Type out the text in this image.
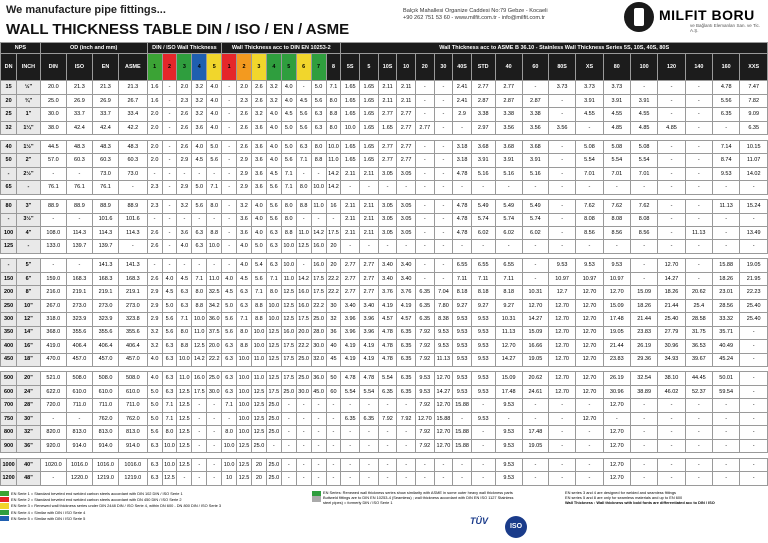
We manufacture pipe fittings...
WALL THICKNESS TABLE DIN / ISO / EN / ASME
Balçık Mahallesi Organize Caddesi No:79 Gebze - Kocaeli
+90 262 751 53 60 - www.milfit.com.tr - info@milfit.com.tr	MILFIT BORU
ve Bağlantı Elemanları San. ve Tic. A.Ş.
NPS		OD (inch and mm)				DIN / ISO Wall Thickness					Wall Thickness acc to DIN EN 10253-2								Wall Thickness acc to ASME B 36.10 - Stainless Wall Thickness Series 5S, 10S, 40S, 80S																	
DN	INCH	DIN	ISO	EN	ASME	1	2	3	4	5	1	2	3	4	5	6	7	8	5S	5	10S	10	20	30	40S	STD	40	60	80S	XS	80	100	120	140	160	XXS
15	½"	20.0	21.3	21.3	21.3	1.6	-	2.0	3.2	4.0	-	2.0	2.6	3.2	4.0	-	5.0	7.1	1.65	1.65	2.11	2.11	-	-	2.41	2.77	2.77	-	3.73	3.73	3.73	-	-	-	4.78	7.47
20	¾"	25.0	26.9	26.9	26.7	1.6	-	2.3	3.2	4.0	-	2.3	2.6	3.2	4.0	4.5	5.6	8.0	1.65	1.65	2.11	2.11	-	-	2.41	2.87	2.87	2.87	-	3.91	3.91	3.91	-	-	5.56	7.82
25	1"	30.0	33.7	33.7	33.4	2.0	-	2.6	3.2	4.0	-	2.6	3.2	4.0	4.5	5.6	6.3	8.8	1.65	1.65	2.77	2.77	-	-	2.9	3.38	3.38	3.38	-	4.55	4.55	4.55	-	-	6.35	9.09
32	1¼"	38.0	42.4	42.4	42.2	2.0	-	2.6	3.6	4.0	-	2.6	3.6	4.0	5.0	5.6	6.3	8.0	10.0	1.65	1.65	2.77	2.77	-	-	2.97	3.56	3.56	3.56	-	4.85	4.85	4.85	-	-	6.35

40	1½"	44.5	48.3	48.3	48.3	2.0	-	2.6	4.0	5.0	-	2.6	3.6	4.0	5.0	6.3	8.0	10.0	1.65	1.65	2.77	2.77	-	-	3.18	3.68	3.68	3.68	-	5.08	5.08	5.08	-	-	7.14	10.15
50	2"	57.0	60.3	60.3	60.3	2.0	-	2.9	4.5	5.6	-	2.9	3.6	4.0	5.6	7.1	8.8	11.0	1.65	1.65	2.77	2.77	-	-	3.18	3.91	3.91	3.91	-	5.54	5.54	5.54	-	-	8.74	11.07
-	2½"	-	-	73.0	73.0	-	-	-	-	-	-	2.9	3.6	4.5	7.1	-	-	14.2	2.11	2.11	3.05	3.05	-	-	4.78	5.16	5.16	5.16	-	7.01	7.01	7.01	-	-	9.53	14.02
65	-	76.1	76.1	76.1	-	2.3	-	2.9	5.0	7.1	-	2.9	3.6	5.6	7.1	8.0	10.0	14.2	-	-	-	-	-	-	-	-	-	-	-	-	-	-	-	-	-	-

80	3"	88.9	88.9	88.9	88.9	2.3	-	3.2	5.6	8.0	-	3.2	4.0	5.6	8.0	8.8	11.0	16	2.11	2.11	3.05	3.05	-	-	4.78	5.49	5.49	5.49	-	7.62	7.62	7.62	-	-	11.13	15.24
-	3½"	-	-	101.6	101.6	-	-	-	-	-	-	3.6	4.0	5.6	8.0	-	-	-	2.11	2.11	3.05	3.05	-	-	4.78	5.74	5.74	5.74	-	8.08	8.08	8.08	-	-	-	-
100	4"	108.0	114.3	114.3	114.3	2.6	-	3.6	6.3	8.8	-	3.6	4.0	6.3	8.8	11.0	14.2	17.5	2.11	2.11	3.05	3.05	-	-	4.78	6.02	6.02	6.02	-	8.56	8.56	8.56	-	11.13	-	13.49
125	-	133.0	139.7	139.7	-	2.6	-	4.0	6.3	10.0	-	4.0	5.0	6.3	10.0	12.5	16.0	20	-	-	-	-	-	-	-	-	-	-	-	-	-	-	-	-	-	-

-	5"	-	-	141.3	141.3	-	-	-	-	-	-	4.0	5.4	6.3	10.0	-	16.0	20	2.77	2.77	3.40	3.40	-	-	6.55	6.55	6.55	-	9.53	9.53	9.53	-	12.70	-	15.88	19.05
150	6"	159.0	168.3	168.3	168.3	2.6	4.0	4.5	7.1	11.0	4.0	4.5	5.6	7.1	11.0	14.2	17.5	22.2	2.77	2.77	3.40	3.40	-	-	7.11	7.11	7.11	-	10.97	10.97	10.97	-	14.27	-	18.26	21.95
200	8"	216.0	219.1	219.1	219.1	2.9	4.5	6.3	8.0	32.5	4.5	6.3	7.1	8.0	12.5	16.0	17.5	22.2	2.77	2.77	3.76	3.76	6.35	7.04	8.18	8.18	8.18	10.31	12.7	12.70	12.70	15.09	18.26	20.62	23.01	22.23
250	10"	267.0	273.0	273.0	273.0	2.9	5.0	6.3	8.8	34.2	5.0	6.3	8.8	10.0	12.5	16.0	22.2	30	3.40	3.40	4.19	4.19	6.35	7.80	9.27	9.27	9.27	12.70	12.70	12.70	15.09	18.26	21.44	25.4	28.56	25.40
300	12"	318.0	323.9	323.9	323.8	2.9	5.6	7.1	10.0	36.0	5.6	7.1	8.8	10.0	12.5	17.5	25.0	32	3.96	3.96	4.57	4.57	6.35	8.38	9.53	9.53	10.31	14.27	12.70	12.70	17.48	21.44	25.40	28.58	33.32	25.40
350	14"	368.0	355.6	355.6	355.6	3.2	5.6	8.0	11.0	37.5	5.6	8.0	10.0	12.5	16.0	20.0	28.0	36	3.96	3.96	4.78	6.35	7.92	9.53	9.53	9.53	11.13	15.09	12.70	12.70	19.05	23.83	27.79	31.75	35.71	-
400	16"	419.0	406.4	406.4	406.4	3.2	6.3	8.8	12.5	20.0	6.3	8.8	10.0	12.5	17.5	22.2	30.0	40	4.19	4.19	4.78	6.35	7.92	9.53	9.53	9.53	12.70	16.66	12.70	12.70	21.44	26.19	30.96	36.53	40.49	-
450	18"	470.0	457.0	457.0	457.0	4.0	6.3	10.0	14.2	22.2	6.3	10.0	11.0	12.5	17.5	25.0	32.0	45	4.19	4.19	4.78	6.35	7.92	11.13	9.53	9.53	14.27	19.05	12.70	12.70	23.83	29.36	34.93	39.67	45.24	-

500	20"	521.0	508.0	508.0	508.0	4.0	6.3	11.0	16.0	25.0	6.3	10.0	11.0	12.5	17.5	25.0	36.0	50	4.78	4.78	5.54	6.35	9.53	12.70	9.53	9.53	15.09	20.62	12.70	12.70	26.19	32.54	38.10	44.45	50.01	-
600	24"	622.0	610.0	610.0	610.0	5.0	6.3	12.5	17.5	30.0	6.3	10.0	12.5	17.5	25.0	30.0	45.0	60	5.54	5.54	6.35	6.35	9.53	14.27	9.53	9.53	17.48	24.61	12.70	12.70	30.96	38.89	46.02	52.37	59.54	-
700	28"	720.0	711.0	711.0	711.0	5.0	7.1	12.5	-	-	7.1	10.0	12.5	25.0	-	-	-	-	-	-	-	-	7.92	12.70	15.88	-	9.53	-	-	-	12.70	-	-	-	-	-
750	30"	-	-	762.0	762.0	5.0	7.1	12.5	-	-	-	10.0	12.5	25.0	-	-	-	-	6.35	6.35	7.92	7.92	12.70	15.88	-	9.53	-	-	-	12.70	-	-	-	-	-	-
800	32"	820.0	813.0	813.0	813.0	5.6	8.0	12.5	-	-	8.0	10.0	12.5	25.0	-	-	-	-	-	-	-	-	7.92	12.70	15.88	-	9.53	17.48	-	-	12.70	-	-	-	-	-
900	36"	920.0	914.0	914.0	914.0	6.3	10.0	12.5	-	-	10.0	12.5	25.0	-	-	-	-	-	-	-	-	-	7.92	12.70	15.88	-	9.53	19.05	-	-	12.70	-	-	-	-	-

1000	40"	1020.0	1016.0	1016.0	1016.0	6.3	10.0	12.5	-	-	10.0	12.5	20	25.0	-	-	-	-	-	-	-	-	-	-	-	-	9.53	-	-	-	12.70	-	-	-	-	-
1200	48"	-	1220.0	1219.0	1219.0	6.3	12.5	-	-	-	10	12.5	20	25.0	-	-	-	-	-	-	-	-	-	-	-	-	9.53	-	-	-	12.70	-	-	-	-	-
EN Serie 1 = Standard beveled end welded carbon steels accordant with DIN 102 DIN / ISO Serie 1
EN Serie 2 = Standard beveled end welded carbon steels accordant with DN 450 DIN / ISO Serie 2
EN Serie 3 = Renewed wall thickness series under DIN 2448 DIN / ISO Serie 4, within DN 600 - DN 800 DIN / ISO Serie 3
EN Serie 4 = Similar with DIN / ISO Serie 4
EN Serie 5 = Similar with DIN / ISO Serie 5
EN Series: Renewed wall thickness series show similarity with ASME in some outer heavy wall thickness parts
Buttweld fittings are to DIN EN 10253-4 (Seamless) ; wall thickness accordant with DIN EN ISO 1127 Stainless
steel pipes) = formerly DIN / ISO Serie 1
EN series 3 and 4 are designed for welded and seamless fittings
EN series 5 and 8 are only for seamless materials and up to EN 600
Wall Thickness : Wall thickness with bold fonts are differentiated acc to DIN / ISO
TÜV
ISO
